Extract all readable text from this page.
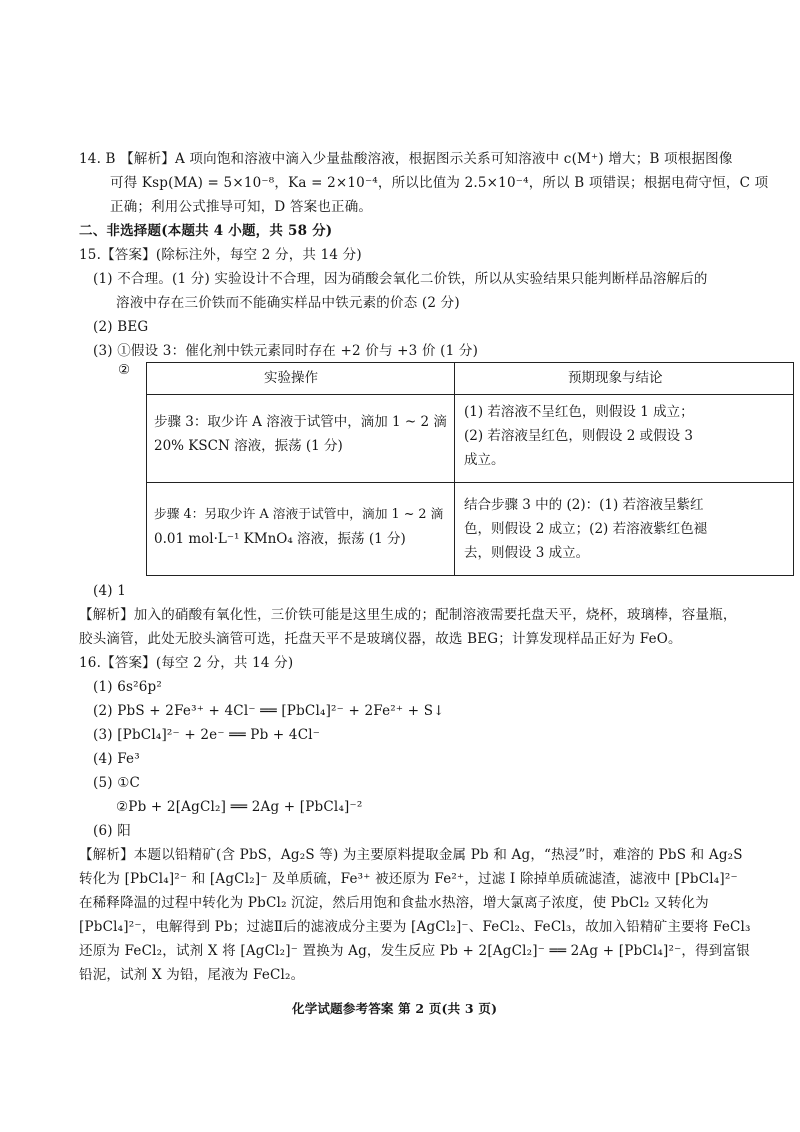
14. B 【解析】A 项向饱和溶液中滴入少量盐酸溶液，根据图示关系可知溶液中 c(M⁺) 增大；B 项根据图像
可得 Ksp(MA) = 5×10⁻⁸，Ka = 2×10⁻⁴，所以比值为 2.5×10⁻⁴，所以 B 项错误；根据电荷守恒，C 项
正确；利用公式推导可知，D 答案也正确。
二、非选择题(本题共 4 小题，共 58 分)
15.【答案】(除标注外，每空 2 分，共 14 分)
(1) 不合理。(1 分) 实验设计不合理，因为硝酸会氧化二价铁，所以从实验结果只能判断样品溶解后的
溶液中存在三价铁而不能确实样品中铁元素的价态 (2 分)
(2) BEG
(3) ①假设 3：催化剂中铁元素同时存在 +2 价与 +3 价 (1 分)
②	实验操作	预期现象与结论
步骤 3：取少许 A 溶液于试管中，滴加 1 ~ 2 滴
20% KSCN 溶液，振荡 (1 分)
(1) 若溶液不呈红色，则假设 1 成立；
(2) 若溶液呈红色，则假设 2 或假设 3
成立。
步骤 4：另取少许 A 溶液于试管中，滴加 1 ~ 2 滴
0.01 mol·L⁻¹ KMnO₄ 溶液，振荡 (1 分)
结合步骤 3 中的 (2)：(1) 若溶液呈紫红
色，则假设 2 成立；(2) 若溶液紫红色褪
去，则假设 3 成立。
(4) 1
【解析】加入的硝酸有氧化性，三价铁可能是这里生成的；配制溶液需要托盘天平，烧杯，玻璃棒，容量瓶，
胶头滴管，此处无胶头滴管可选，托盘天平不是玻璃仪器，故选 BEG；计算发现样品正好为 FeO。
16.【答案】(每空 2 分，共 14 分)
(1) 6s²6p²
(2) PbS + 2Fe³⁺ + 4Cl⁻ ══ [PbCl₄]²⁻ + 2Fe²⁺ + S↓
(3) [PbCl₄]²⁻ + 2e⁻ ══ Pb + 4Cl⁻
(4) Fe³
(5) ①C
②Pb + 2[AgCl₂] ══ 2Ag + [PbCl₄]⁻²
(6) 阳
【解析】本题以铅精矿(含 PbS，Ag₂S 等) 为主要原料提取金属 Pb 和 Ag，“热浸”时，难溶的 PbS 和 Ag₂S
转化为 [PbCl₄]²⁻ 和 [AgCl₂]⁻ 及单质硫，Fe³⁺ 被还原为 Fe²⁺，过滤 I 除掉单质硫滤渣，滤液中 [PbCl₄]²⁻
在稀释降温的过程中转化为 PbCl₂ 沉淀，然后用饱和食盐水热溶，增大氯离子浓度，使 PbCl₂ 又转化为
[PbCl₄]²⁻，电解得到 Pb；过滤Ⅱ后的滤液成分主要为 [AgCl₂]⁻、FeCl₂、FeCl₃，故加入铅精矿主要将 FeCl₃
还原为 FeCl₂，试剂 X 将 [AgCl₂]⁻ 置换为 Ag，发生反应 Pb + 2[AgCl₂]⁻ ══ 2Ag + [PbCl₄]²⁻，得到富银
铅泥，试剂 X 为铅，尾液为 FeCl₂。
化学试题参考答案 第 2 页(共 3 页)
